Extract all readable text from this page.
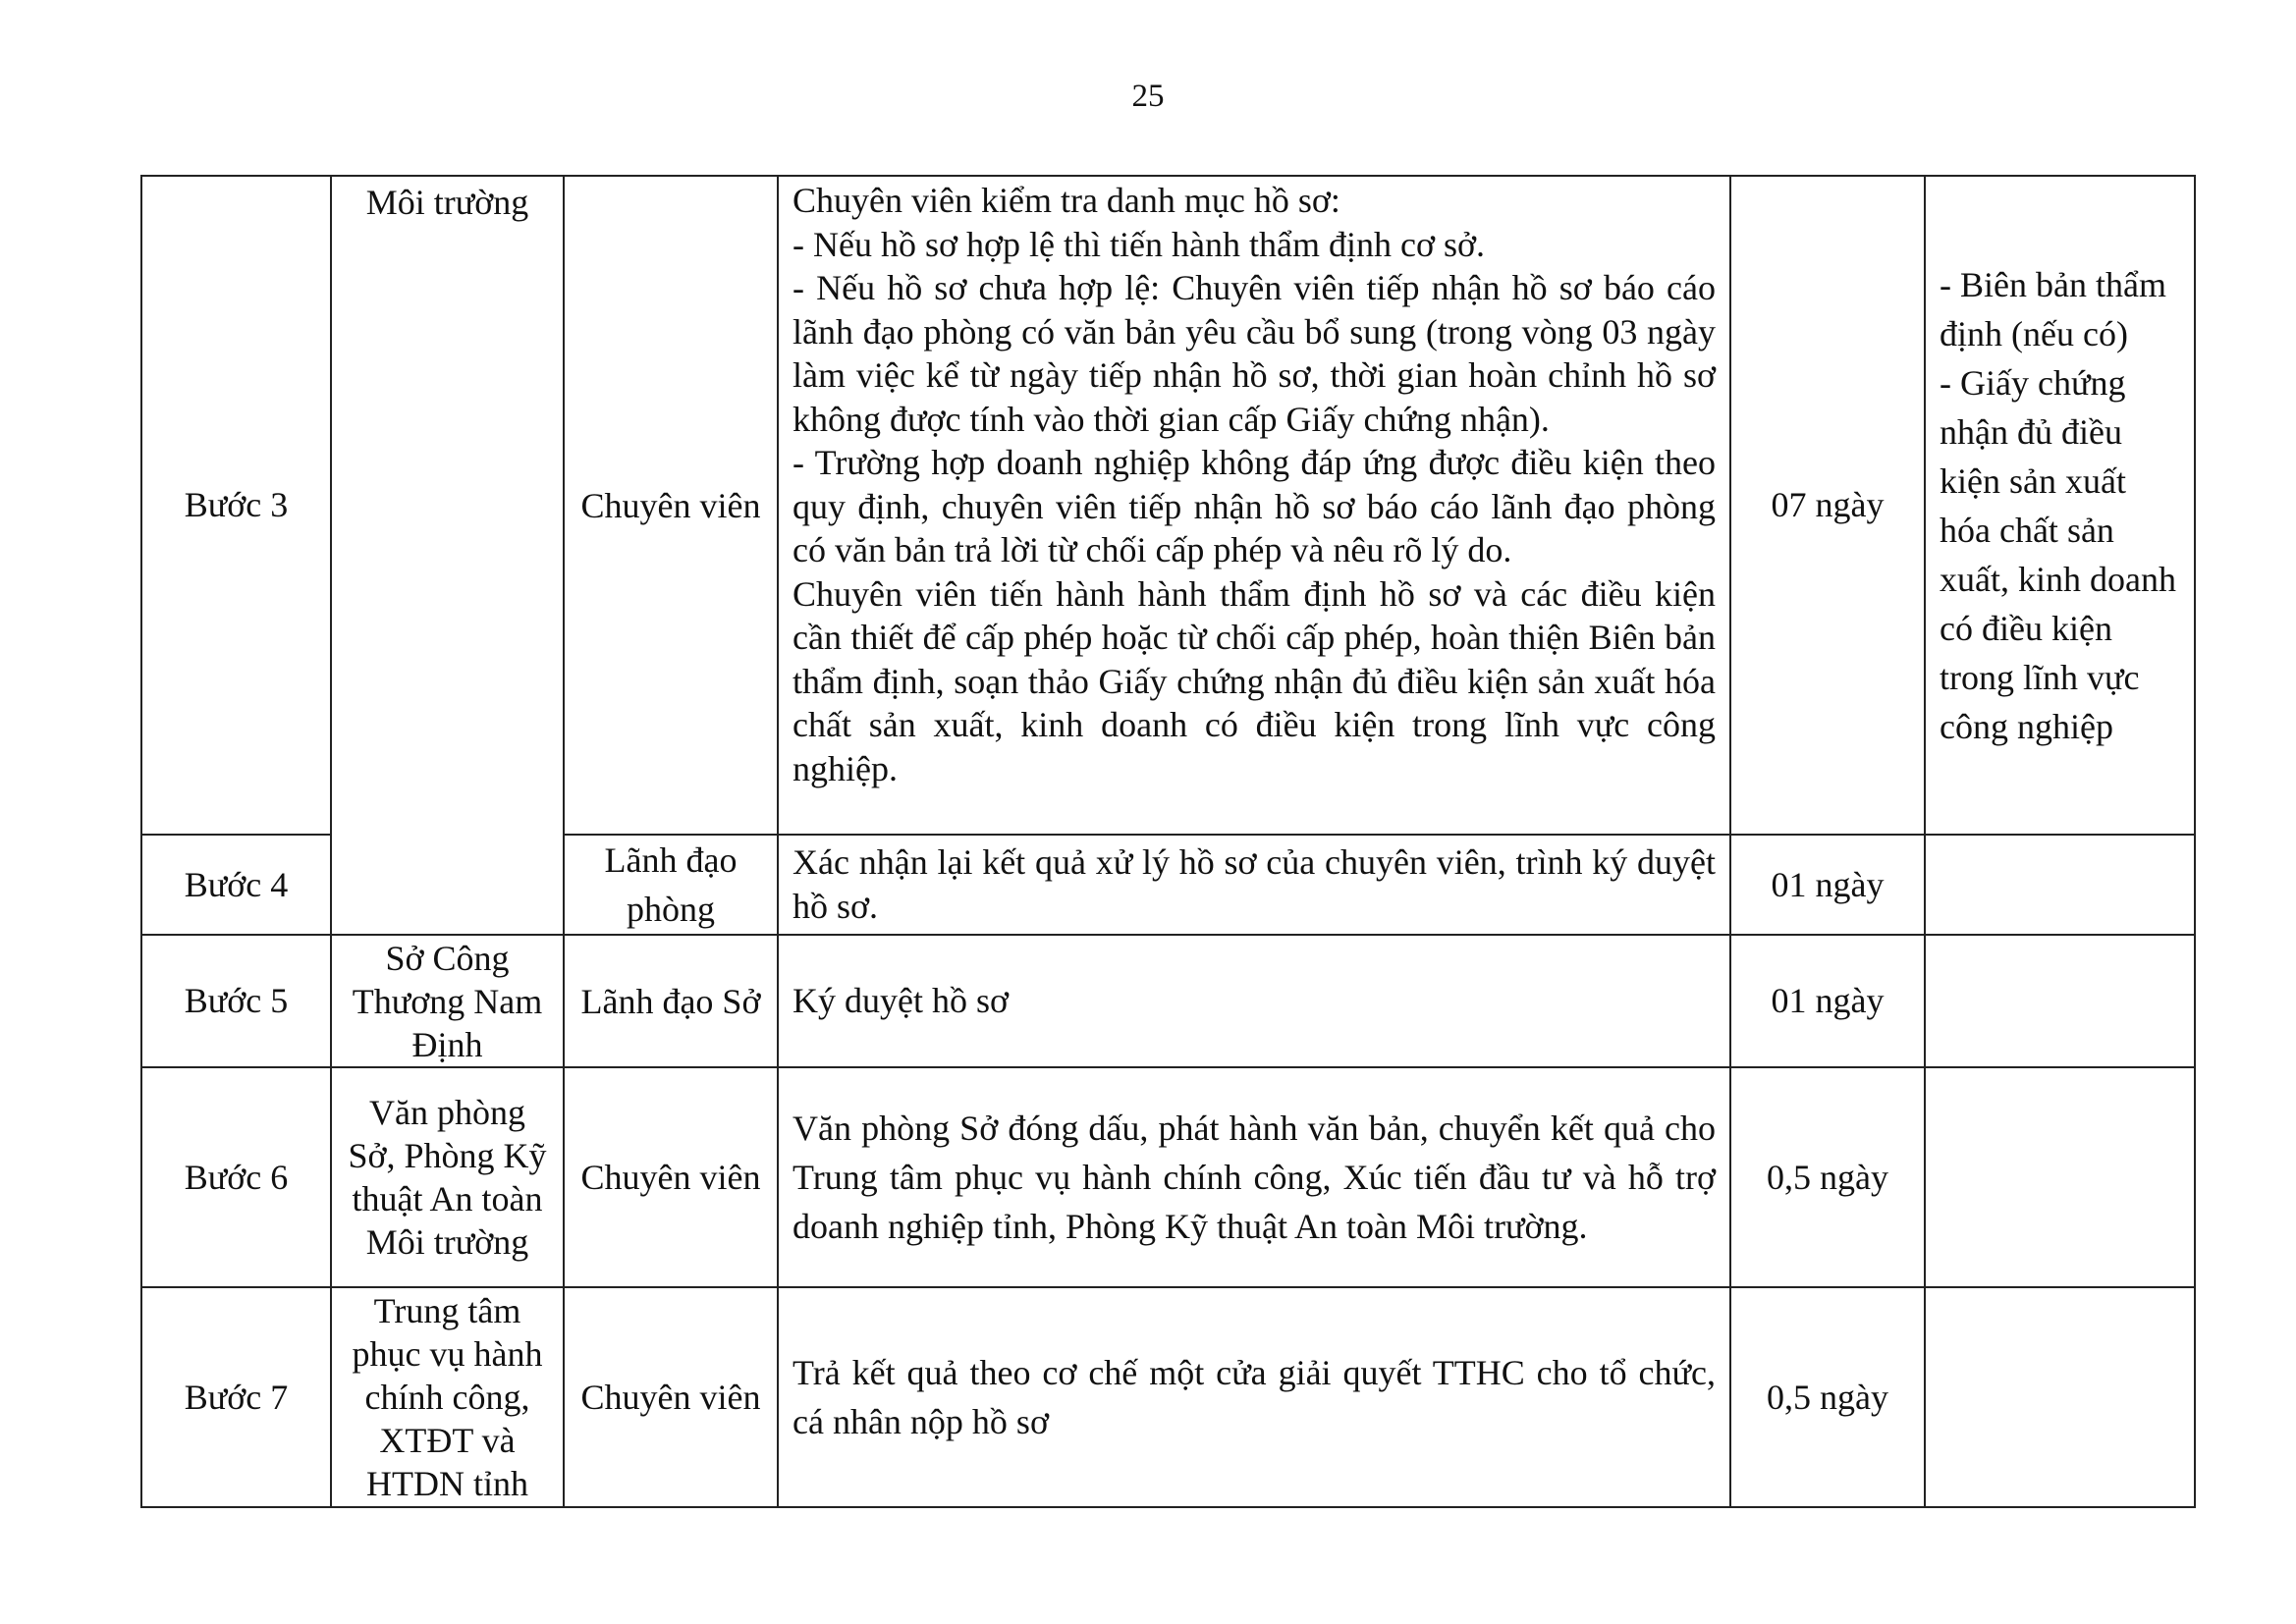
25
Bước 3	Môi trường	Chuyên viên	Chuyên viên kiểm tra danh mục hồ sơ:
- Nếu hồ sơ hợp lệ thì tiến hành thẩm định cơ sở.
- Nếu hồ sơ chưa hợp lệ: Chuyên viên tiếp nhận hồ sơ báo cáo lãnh đạo phòng có văn bản yêu cầu bổ sung (trong vòng 03 ngày làm việc kể từ ngày tiếp nhận hồ sơ, thời gian hoàn chỉnh hồ sơ không được tính vào thời gian cấp Giấy chứng nhận).
- Trường hợp doanh nghiệp không đáp ứng được điều kiện theo quy định, chuyên viên tiếp nhận hồ sơ báo cáo lãnh đạo phòng có văn bản trả lời từ chối cấp phép và nêu rõ lý do.
Chuyên viên tiến hành hành thẩm định hồ sơ và các điều kiện cần thiết để cấp phép hoặc từ chối cấp phép, hoàn thiện Biên bản thẩm định, soạn thảo Giấy chứng nhận đủ điều kiện sản xuất hóa chất sản xuất, kinh doanh có điều kiện trong lĩnh vực công nghiệp.	07 ngày	- Biên bản thẩm định (nếu có)
- Giấy chứng nhận đủ điều kiện sản xuất hóa chất sản xuất, kinh doanh có điều kiện trong lĩnh vực công nghiệp
Bước 4		Lãnh đạo phòng	Xác nhận lại kết quả xử lý hồ sơ của chuyên viên, trình ký duyệt hồ sơ.	01 ngày	
Bước 5	Sở Công Thương Nam Định	Lãnh đạo Sở	Ký duyệt hồ sơ	01 ngày	
Bước 6	Văn phòng Sở, Phòng Kỹ thuật An toàn Môi trường	Chuyên viên	Văn phòng Sở đóng dấu, phát hành văn bản, chuyển kết quả cho Trung tâm phục vụ hành chính công, Xúc tiến đầu tư và hỗ trợ doanh nghiệp tỉnh, Phòng Kỹ thuật An toàn Môi trường.	0,5 ngày	
Bước 7	Trung tâm phục vụ hành chính công, XTĐT và HTDN tỉnh	Chuyên viên	Trả kết quả theo cơ chế một cửa giải quyết TTHC cho tổ chức, cá nhân nộp hồ sơ	0,5 ngày	
